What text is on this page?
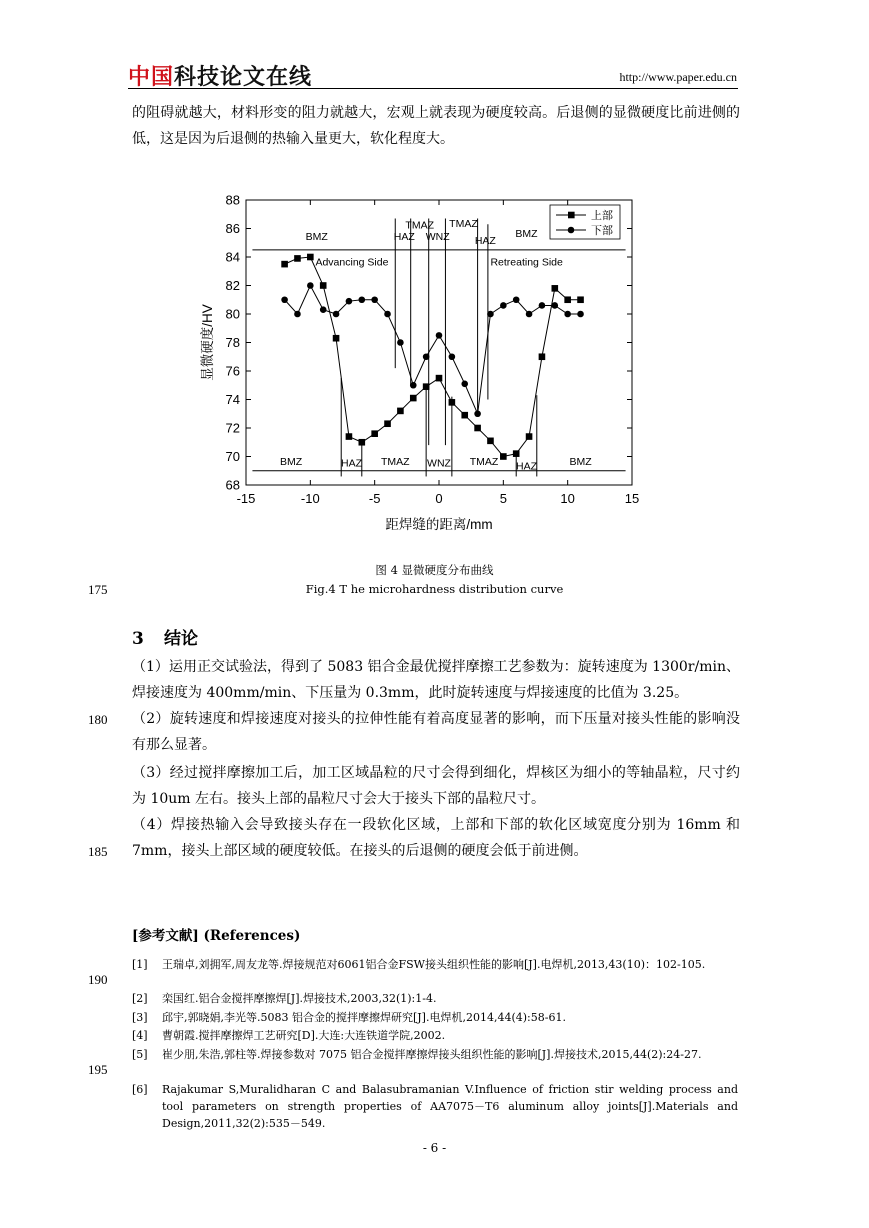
中国科技论文在线	http://www.paper.edu.cn
的阻碍就越大，材料形变的阻力就越大，宏观上就表现为硬度较高。后退侧的显微硬度比前进侧的低，这是因为后退侧的热输入量更大，软化程度大。
-15	-10	-5	0	5	10	15
68
70
72
74
76
78
80
82
84
86
88
距焊缝的距离/mm
显微硬度/HV
BMZ	HAZ
TMAZ
WNZ
TMAZ
HAZ
BMZ
Advancing Side	Retreating Side
BMZ	HAZ TMAZ WNZ TMAZ HAZ	BMZ
上部
下部
图 4 显微硬度分布曲线
Fig.4 T he microhardness distribution curve
175
3 结论
（1）运用正交试验法，得到了 5083 铝合金最优搅拌摩擦工艺参数为：旋转速度为 1300r/min、焊接速度为 400mm/min、下压量为 0.3mm，此时旋转速度与焊接速度的比值为 3.25。
（2）旋转速度和焊接速度对接头的拉伸性能有着高度显著的影响，而下压量对接头性能的影响没有那么显著。
180
（3）经过搅拌摩擦加工后，加工区域晶粒的尺寸会得到细化，焊核区为细小的等轴晶粒，尺寸约为 10um 左右。接头上部的晶粒尺寸会大于接头下部的晶粒尺寸。
（4）焊接热输入会导致接头存在一段软化区域，上部和下部的软化区域宽度分别为 16mm 和 7mm，接头上部区域的硬度较低。在接头的后退侧的硬度会低于前进侧。
185
[参考文献] (References)
[1] 王瑞卓,刘拥军,周友龙等.焊接规范对6061铝合金FSW接头组织性能的影响[J].电焊机,2013,43(10)：102-105.
190
[2] 栾国红.铝合金搅拌摩擦焊[J].焊接技术,2003,32(1):1-4.
[3] 邱宇,郭晓娟,李光等.5083 铝合金的搅拌摩擦焊研究[J].电焊机,2014,44(4):58-61.
[4] 曹朝霞.搅拌摩擦焊工艺研究[D].大连:大连铁道学院,2002.
[5] 崔少朋,朱浩,郭柱等.焊接参数对 7075 铝合金搅拌摩擦焊接头组织性能的影响[J].焊接技术,2015,44(2):24-27.
195
[6] Rajakumar S,Muralidharan C and Balasubramanian V.Influence of friction stir welding process and tool parameters on strength properties of AA7075－T6 aluminum alloy joints[J].Materials and Design,2011,32(2):535－549.
- 6 -
